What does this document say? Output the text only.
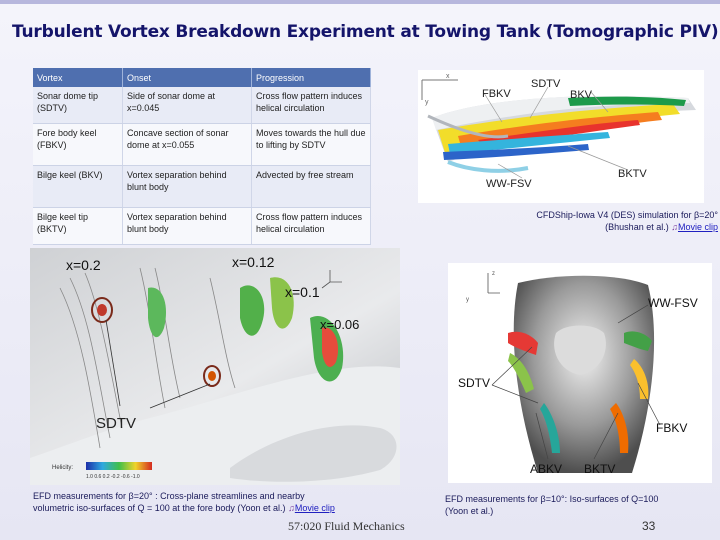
Turbulent Vortex Breakdown Experiment at Towing Tank (Tomographic PIV)
Vortex	Onset	Progression
Sonar dome tip (SDTV)	Side of sonar dome at x=0.045	Cross flow pattern induces helical circulation
Fore body keel (FBKV)	Concave section of sonar dome at x=0.055	Moves towards the hull due to lifting by SDTV
Bilge keel (BKV)	Vortex separation behind blunt body	Advected by free stream
Bilge keel tip (BKTV)	Vortex separation behind blunt body	Cross flow pattern induces helical circulation
x
y
FBKV
SDTV
BKV
BKTV
WW-FSV
CFDShip-Iowa V4 (DES) simulation for β=20°
(Bhushan et al.) ♫Movie clip
x=0.2	x=0.12
x=0.1
x=0.06
SDTV
Helicity:
1.0 0.6 0.2 -0.2 -0.6 -1.0
EFD measurements for β=20° : Cross-plane streamlines and nearby
volumetric iso-surfaces of Q = 100 at the fore body (Yoon et al.) ♫Movie clip
z
y	WW-FSV
SDTV
FBKV
ABKV BKTV
EFD measurements for β=10°: Iso-surfaces of Q=100
(Yoon et al.)
57:020 Fluid Mechanics	33
